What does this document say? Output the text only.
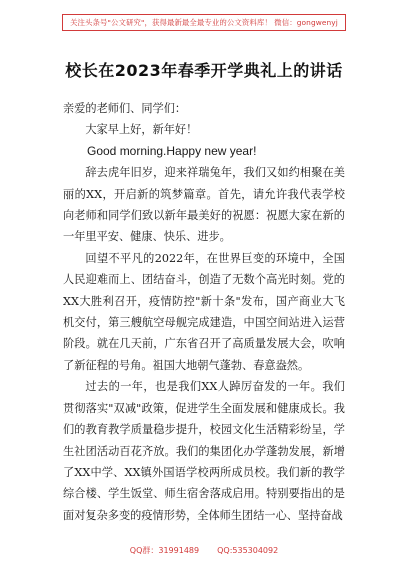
关注头条号"公文研究"，获得最新最全最专业的公文资料库！ 微信：gongwenyj
校长在2023年春季开学典礼上的讲话

亲爱的老师们、同学们：

大家早上好，新年好！

Good morning.Happy new year!

辞去虎年旧岁，迎来祥瑞兔年，我们又如约相聚在美丽的XX，开启新的筑梦篇章。首先，请允许我代表学校向老师和同学们致以新年最美好的祝愿：祝愿大家在新的一年里平安、健康、快乐、进步。

回望不平凡的2022年，在世界巨变的环境中，全国人民迎难而上、团结奋斗，创造了无数个高光时刻。党的XX大胜利召开，疫情防控"新十条"发布，国产商业大飞机交付，第三艘航空母舰完成建造，中国空间站进入运营阶段。就在几天前，广东省召开了高质量发展大会，吹响了新征程的号角。祖国大地朝气蓬勃、春意盎然。

过去的一年，也是我们XX人踔厉奋发的一年。我们贯彻落实"双减"政策，促进学生全面发展和健康成长。我们的教育教学质量稳步提升，校园文化生活精彩纷呈，学生社团活动百花齐放。我们的集团化办学蓬勃发展，新增了XX中学、XX镇外国语学校两所成员校。我们新的教学综合楼、学生饭堂、师生宿舍落成启用。特别要指出的是面对复杂多变的疫情形势，全体师生团结一心、坚持奋战

QQ群：31991489 QQ:535304092
